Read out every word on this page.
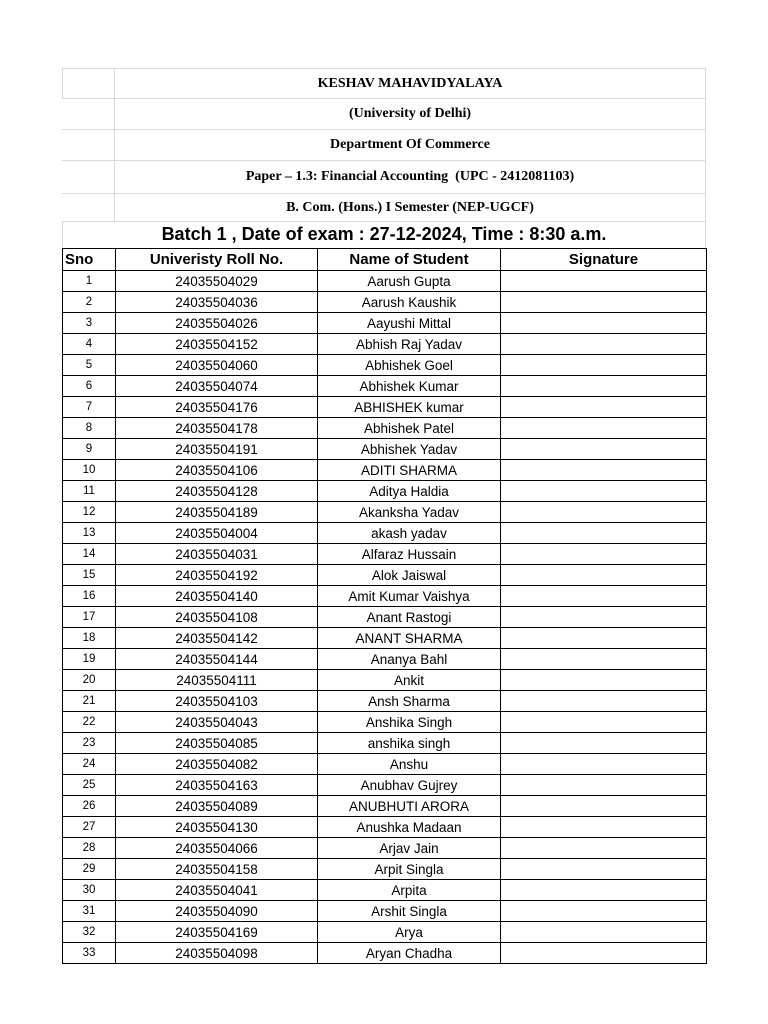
KESHAV MAHAVIDYALAYA
(University of Delhi)
Department Of Commerce
Paper – 1.3: Financial Accounting  (UPC - 2412081103)
B. Com. (Hons.) I Semester (NEP-UGCF)
Batch 1 , Date of exam : 27-12-2024, Time : 8:30 a.m.
Sno	Univeristy Roll No.	Name of Student	Signature
1	24035504029	Aarush Gupta	
2	24035504036	Aarush Kaushik	
3	24035504026	Aayushi Mittal	
4	24035504152	Abhish Raj Yadav	
5	24035504060	Abhishek Goel	
6	24035504074	Abhishek Kumar	
7	24035504176	ABHISHEK kumar	
8	24035504178	Abhishek Patel	
9	24035504191	Abhishek Yadav	
10	24035504106	ADITI SHARMA	
11	24035504128	Aditya Haldia	
12	24035504189	Akanksha Yadav	
13	24035504004	akash yadav	
14	24035504031	Alfaraz Hussain	
15	24035504192	Alok Jaiswal	
16	24035504140	Amit Kumar Vaishya	
17	24035504108	Anant Rastogi	
18	24035504142	ANANT SHARMA	
19	24035504144	Ananya Bahl	
20	24035504111	Ankit	
21	24035504103	Ansh Sharma	
22	24035504043	Anshika Singh	
23	24035504085	anshika singh	
24	24035504082	Anshu	
25	24035504163	Anubhav Gujrey	
26	24035504089	ANUBHUTI ARORA	
27	24035504130	Anushka Madaan	
28	24035504066	Arjav Jain	
29	24035504158	Arpit Singla	
30	24035504041	Arpita	
31	24035504090	Arshit Singla	
32	24035504169	Arya	
33	24035504098	Aryan Chadha	
